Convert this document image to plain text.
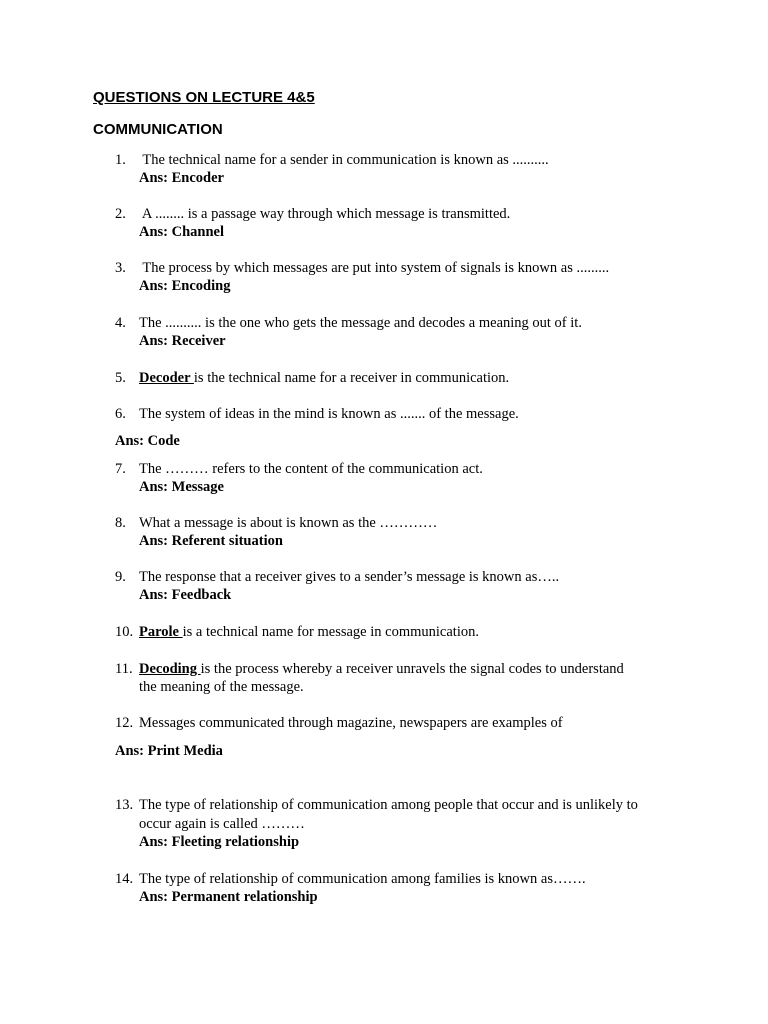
QUESTIONS ON LECTURE 4&5
COMMUNICATION
1. The technical name for a sender in communication is known as ..........
Ans: Encoder
2. A ........ is a passage way through which message is transmitted.
Ans: Channel
3. The process by which messages are put into system of signals is known as .........
Ans: Encoding
4. The .......... is the one who gets the message and decodes a meaning out of it.
Ans: Receiver
5. Decoder is the technical name for a receiver in communication.
6. The system of ideas in the mind is known as ....... of the message.
Ans: Code
7. The ……… refers to the content of the communication act.
Ans: Message
8. What a message is about is known as the …………
Ans: Referent situation
9. The response that a receiver gives to a sender’s message is known as…..
Ans: Feedback
10. Parole is a technical name for message in communication.
11. Decoding is the process whereby a receiver unravels the signal codes to understand
the meaning of the message.
12. Messages communicated through magazine, newspapers are examples of
Ans: Print Media
13. The type of relationship of communication among people that occur and is unlikely to
occur again is called ………
Ans: Fleeting relationship
14. The type of relationship of communication among families is known as…….
Ans: Permanent relationship
